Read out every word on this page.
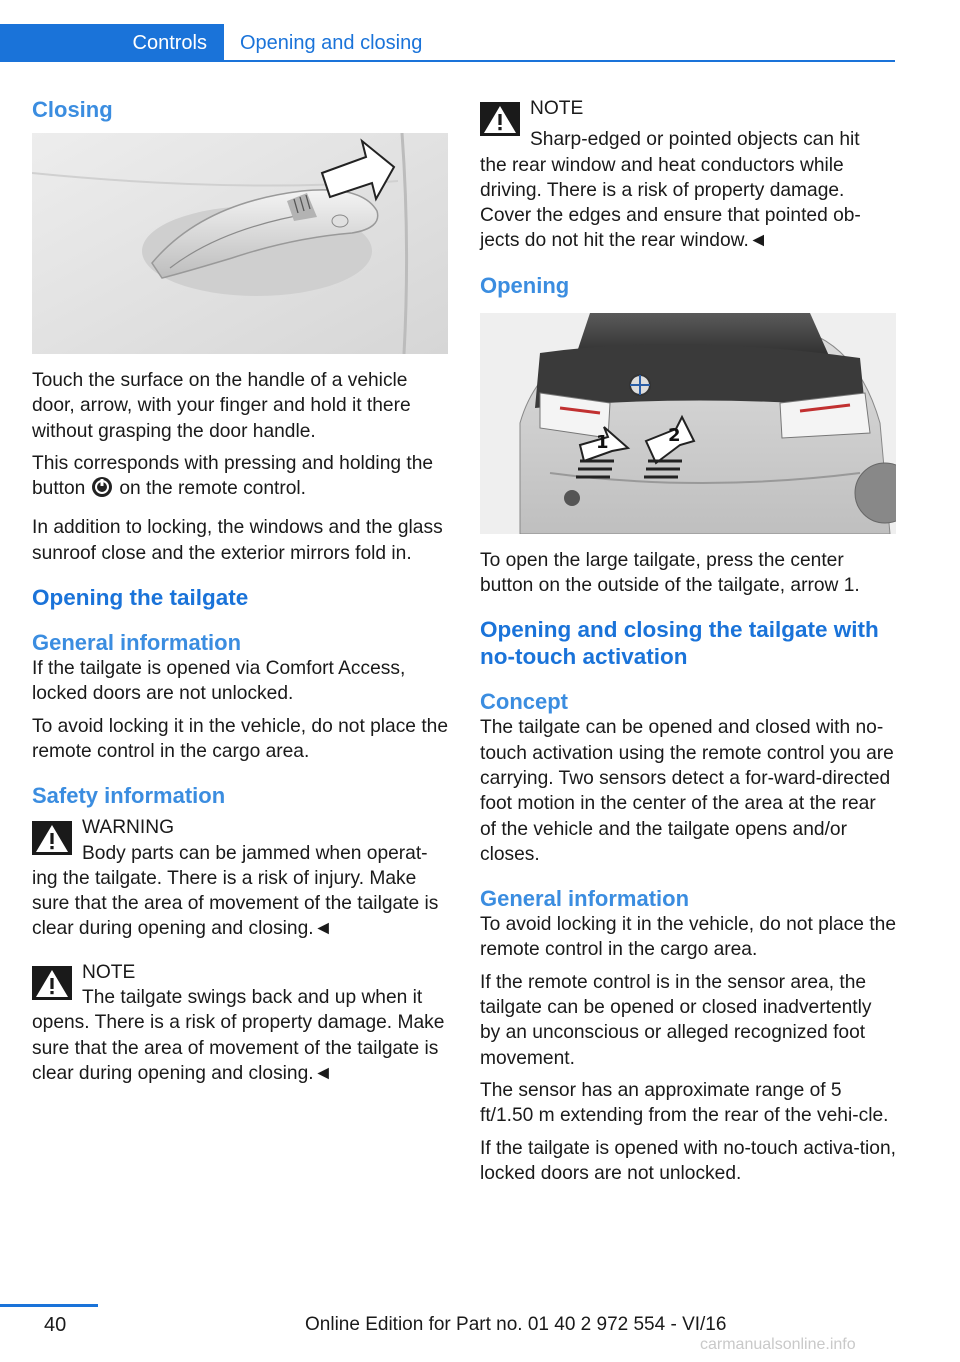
Controls	Opening and closing
Closing

Touch the surface on the handle of a vehicle door, arrow, with your finger and hold it there without grasping the door handle.

This corresponds with pressing and holding the button on the remote control.

In addition to locking, the windows and the glass sunroof close and the exterior mirrors fold in.

Opening the tailgate
General information

If the tailgate is opened via Comfort Access, locked doors are not unlocked.

To avoid locking it in the vehicle, do not place the remote control in the cargo area.

Safety information
WARNING
Body parts can be jammed when operat-

ing the tailgate. There is a risk of injury. Make sure that the area of movement of the tailgate is clear during opening and closing.◄

NOTE
The tailgate swings back and up when it

opens. There is a risk of property damage. Make sure that the area of movement of the tailgate is clear during opening and closing.◄

NOTE
Sharp-edged or pointed objects can hit

the rear window and heat conductors while driving. There is a risk of property damage. Cover the edges and ensure that pointed ob-jects do not hit the rear window.◄

Opening
1	2

To open the large tailgate, press the center button on the outside of the tailgate, arrow 1.

Opening and closing the tailgate with no-touch activation
Concept

The tailgate can be opened and closed with no-touch activation using the remote control you are carrying. Two sensors detect a for-ward-directed foot motion in the center of the area at the rear of the vehicle and the tailgate opens and/or closes.

General information

To avoid locking it in the vehicle, do not place the remote control in the cargo area.

If the remote control is in the sensor area, the tailgate can be opened or closed inadvertently by an unconscious or alleged recognized foot movement.

The sensor has an approximate range of 5 ft/1.50 m extending from the rear of the vehi-cle.

If the tailgate is opened with no-touch activa-tion, locked doors are not unlocked.

40	Online Edition for Part no. 01 40 2 972 554 - VI/16
carmanualsonline.info
